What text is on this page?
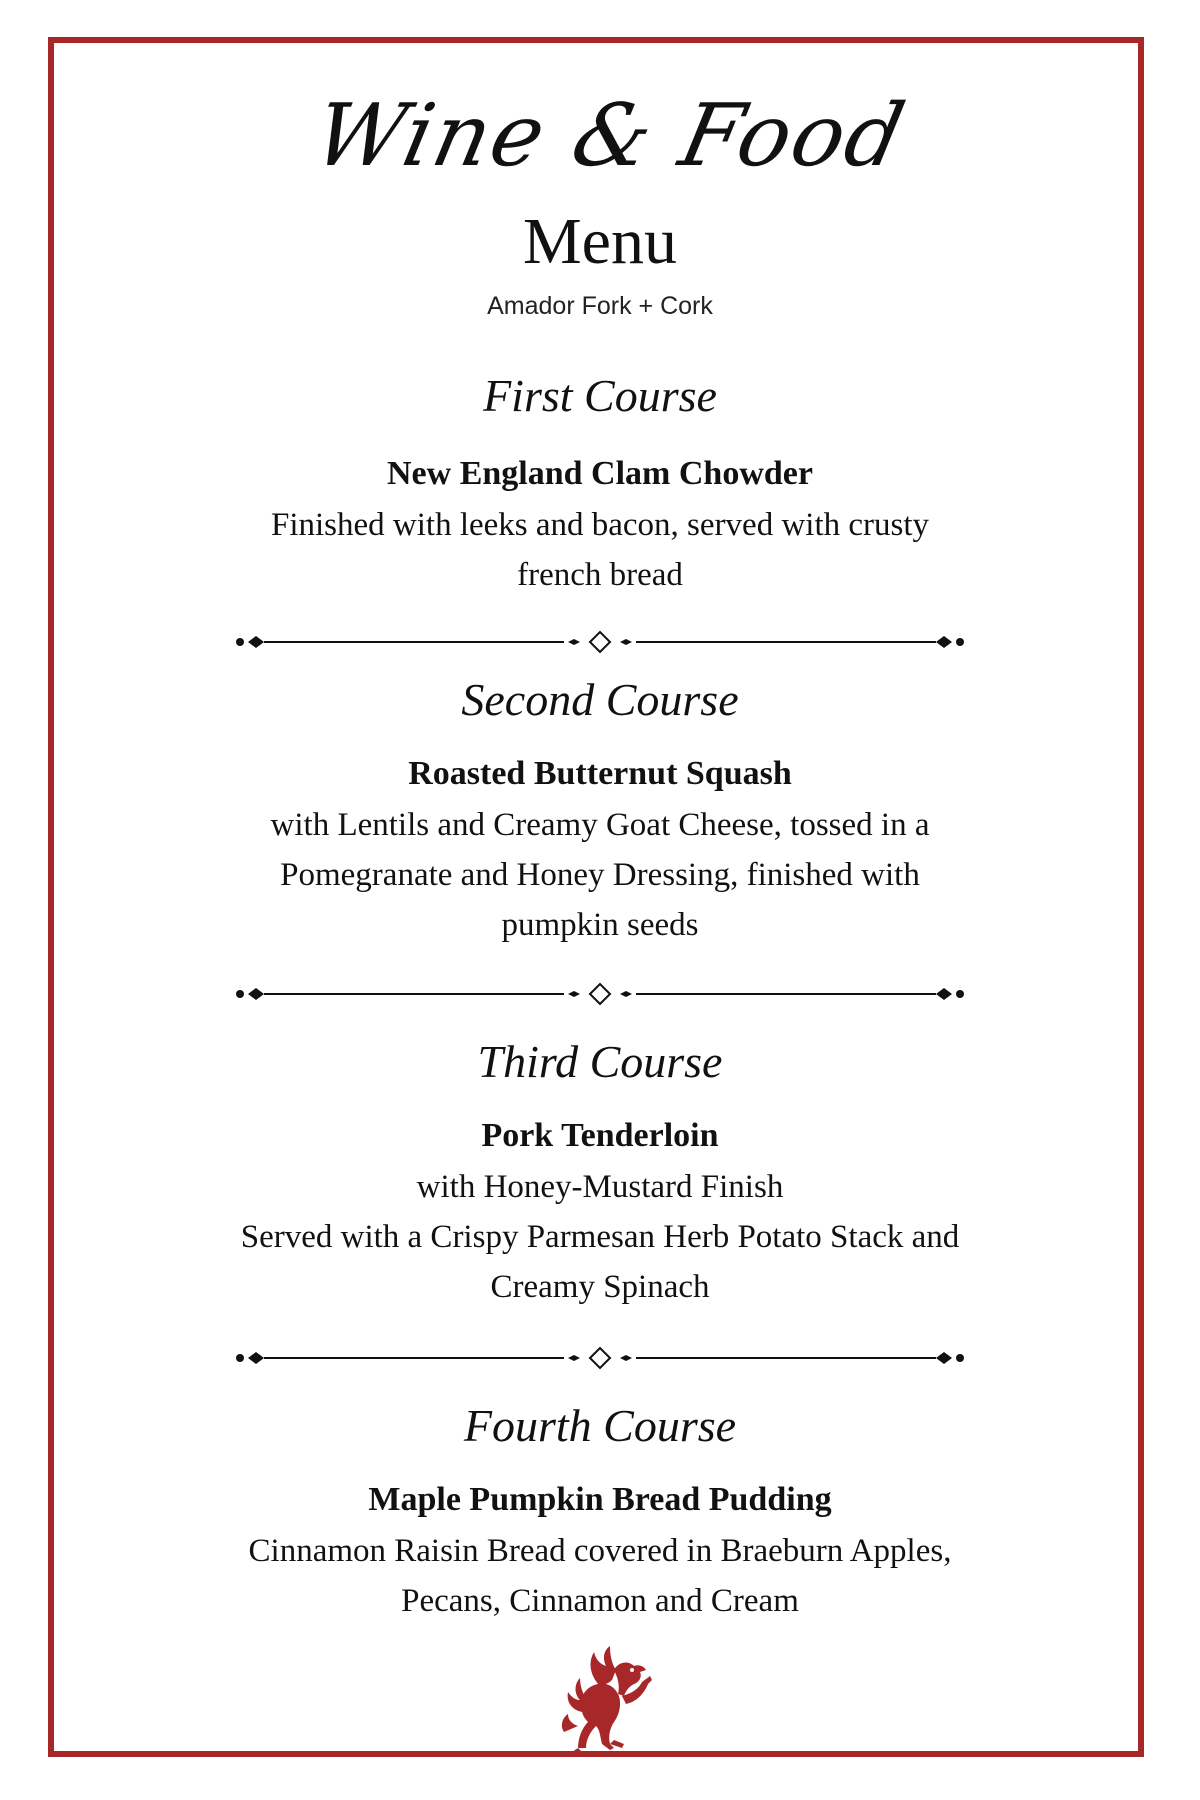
Wine & Food
Menu
Amador Fork + Cork
First Course
New England Clam Chowder
Finished with leeks and bacon, served with crusty
french bread
Second Course
Roasted Butternut Squash
with Lentils and Creamy Goat Cheese, tossed in a
Pomegranate and Honey Dressing, finished with
pumpkin seeds
Third Course
Pork Tenderloin
with Honey-Mustard Finish
Served with a Crispy Parmesan Herb Potato Stack and
Creamy Spinach
Fourth Course
Maple Pumpkin Bread Pudding
Cinnamon Raisin Bread covered in Braeburn Apples,
Pecans, Cinnamon and Cream
